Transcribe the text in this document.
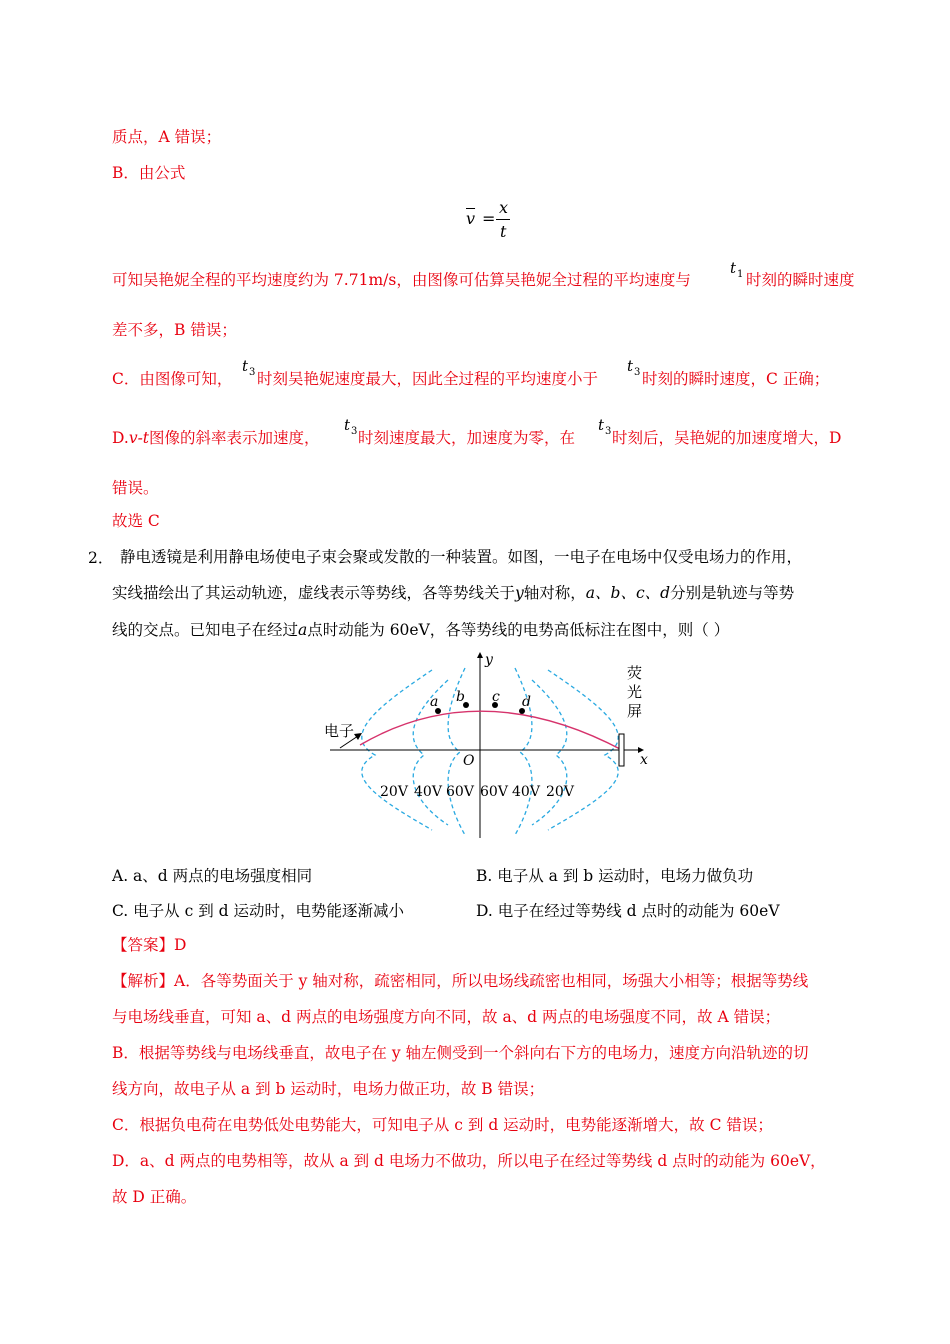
质点，A 错误；
B．由公式
$\overline{v}$ =
x
t
可知吴艳妮全程的平均速度约为 7.71m/s，由图像可估算吴艳妮全过程的平均速度与
$t_1$ 时刻的瞬时速度
差不多，B 错误；
C．由图像可知，
$t_3$ 时刻吴艳妮速度最大，因此全过程的平均速度小于
$t_3$ 时刻的瞬时速度，C 正确；
D.v-t图像的斜率表示加速度，
$t_3$ 时刻速度最大，加速度为零，在
$t_3$ 时刻后，吴艳妮的加速度增大，D
错误。
故选 C
2． 静电透镜是利用静电场使电子束会聚或发散的一种装置。如图，一电子在电场中仅受电场力的作用，
实线描绘出了其运动轨迹，虚线表示等势线，各等势线关于y轴对称，a、b、c、d分别是轨迹与等势
线的交点。已知电子在经过a点时动能为 60eV，各等势线的电势高低标注在图中，则（ ）
a b c d
y
x
O
电子
荧
光
屏
20V 40V 60V 60V 40V 20V
A. a、d 两点的电场强度相同	B. 电子从 a 到 b 运动时，电场力做负功
C. 电子从 c 到 d 运动时，电势能逐渐减小	D. 电子在经过等势线 d 点时的动能为 60eV
【答案】D
【解析】A．各等势面关于 y 轴对称，疏密相同，所以电场线疏密也相同，场强大小相等；根据等势线
与电场线垂直，可知 a、d 两点的电场强度方向不同，故 a、d 两点的电场强度不同，故 A 错误；
B．根据等势线与电场线垂直，故电子在 y 轴左侧受到一个斜向右下方的电场力，速度方向沿轨迹的切
线方向，故电子从 a 到 b 运动时，电场力做正功，故 B 错误；
C．根据负电荷在电势低处电势能大，可知电子从 c 到 d 运动时，电势能逐渐增大，故 C 错误；
D．a、d 两点的电势相等，故从 a 到 d 电场力不做功，所以电子在经过等势线 d 点时的动能为 60eV，
故 D 正确。
